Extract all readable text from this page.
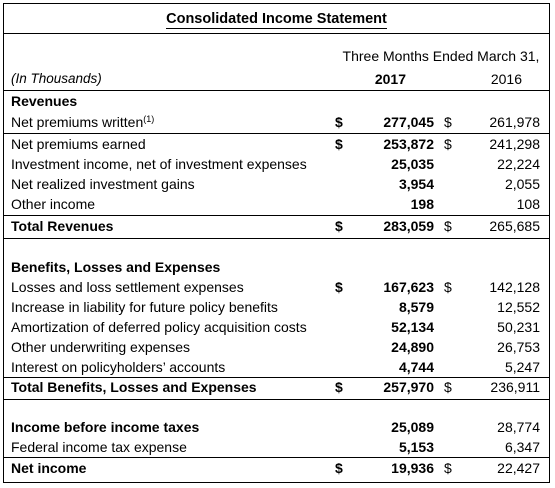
Consolidated Income Statement
Three Months Ended March 31,
(In Thousands)	2017	2016
Revenues
Net premiums written$^{(1)}$	$	277,045 $	261,978
Net premiums earned	$	253,872 $	241,298
Investment income, net of investment expenses	25,035	22,224
Net realized investment gains	3,954	2,055
Other income	198	108
Total Revenues	$	283,059 $	265,685
Benefits, Losses and Expenses
Losses and loss settlement expenses	$	167,623 $	142,128
Increase in liability for future policy benefits	8,579	12,552
Amortization of deferred policy acquisition costs	52,134	50,231
Other underwriting expenses	24,890	26,753
Interest on policyholders’ accounts	4,744	5,247
Total Benefits, Losses and Expenses	$	257,970 $	236,911
Income before income taxes	25,089	28,774
Federal income tax expense	5,153	6,347
Net income	$	19,936 $	22,427
